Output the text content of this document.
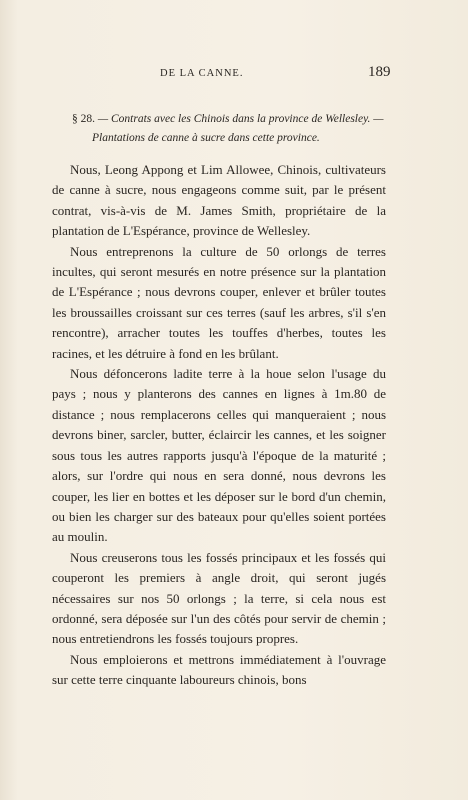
DE LA CANNE.	189
§ 28. — Contrats avec les Chinois dans la province de Wellesley. —
Plantations de canne à sucre dans cette province.

Nous, Leong Appong et Lim Allowee, Chinois, cultivateurs de canne à sucre, nous engageons comme suit, par le présent contrat, vis-à-vis de M. James Smith, propriétaire de la plantation de L'Espérance, province de Wellesley.

Nous entreprenons la culture de 50 orlongs de terres incultes, qui seront mesurés en notre présence sur la plantation de L'Espérance ; nous devrons couper, enlever et brûler toutes les broussailles croissant sur ces terres (sauf les arbres, s'il s'en rencontre), arracher toutes les touffes d'herbes, toutes les racines, et les détruire à fond en les brûlant.

Nous défoncerons ladite terre à la houe selon l'usage du pays ; nous y planterons des cannes en lignes à 1m.80 de distance ; nous remplacerons celles qui manqueraient ; nous devrons biner, sarcler, butter, éclaircir les cannes, et les soigner sous tous les autres rapports jusqu'à l'époque de la maturité ; alors, sur l'ordre qui nous en sera donné, nous devrons les couper, les lier en bottes et les déposer sur le bord d'un chemin, ou bien les charger sur des bateaux pour qu'elles soient portées au moulin.

Nous creuserons tous les fossés principaux et les fossés qui couperont les premiers à angle droit, qui seront jugés nécessaires sur nos 50 orlongs ; la terre, si cela nous est ordonné, sera déposée sur l'un des côtés pour servir de chemin ; nous entretiendrons les fossés toujours propres.

Nous emploierons et mettrons immédiatement à l'ouvrage sur cette terre cinquante laboureurs chinois, bons
